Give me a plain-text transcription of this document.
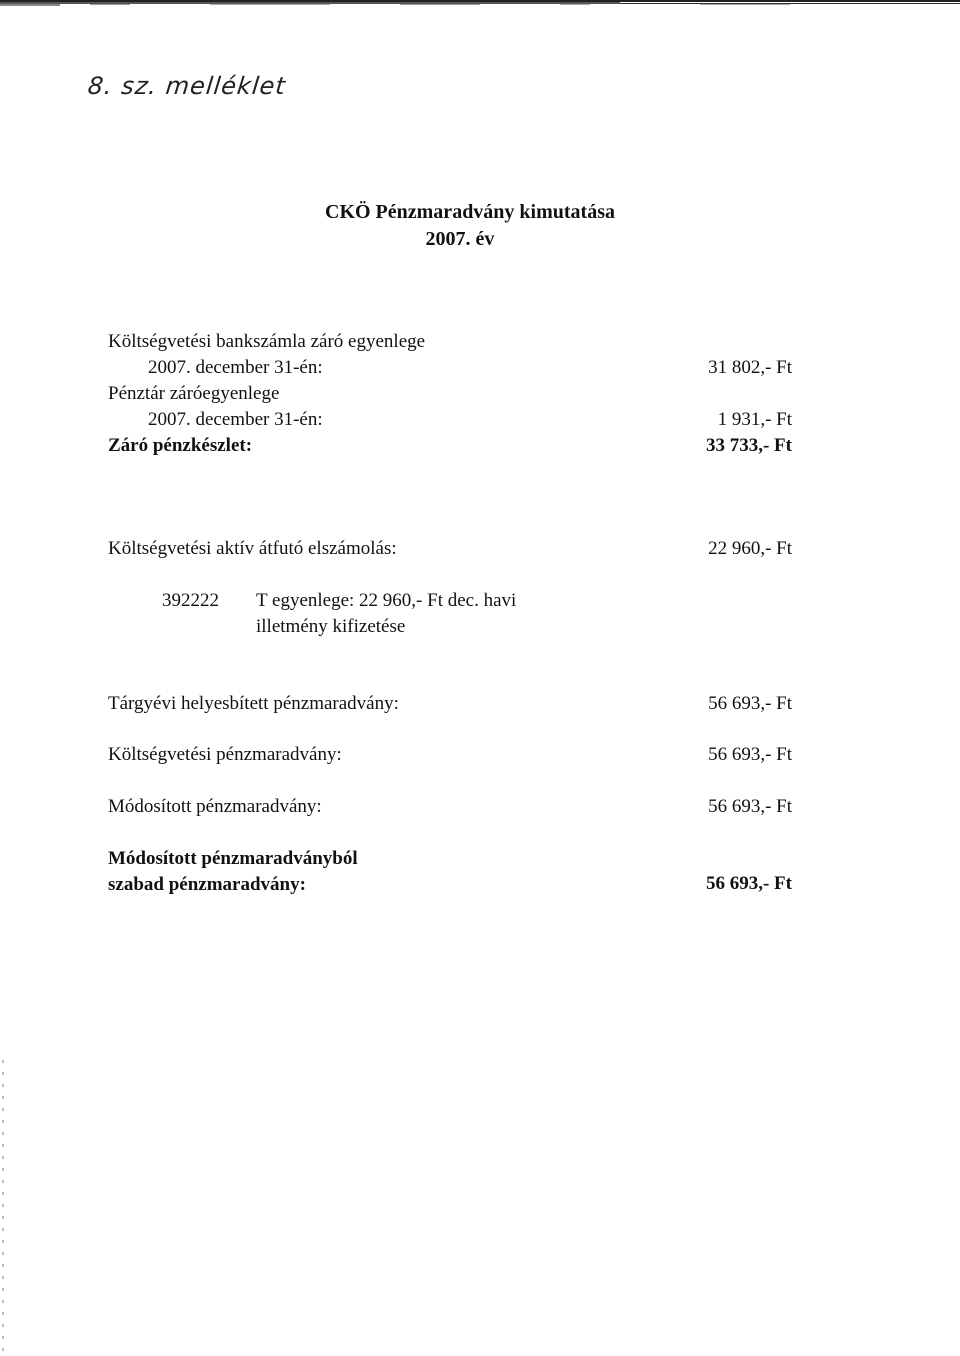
8. sz. melléklet
CKÖ Pénzmaradvány kimutatása
2007. év
Költségvetési bankszámla záró egyenlege
2007. december 31-én:	31 802,- Ft
Pénztár záróegyenlege
2007. december 31-én:	1 931,- Ft
Záró pénzkészlet:	33 733,- Ft
Költségvetési aktív átfutó elszámolás:	22 960,- Ft
392222 T egyenlege: 22 960,- Ft dec. havi
illetmény kifizetése
Tárgyévi helyesbített pénzmaradvány:	56 693,- Ft
Költségvetési pénzmaradvány:	56 693,- Ft
Módosított pénzmaradvány:	56 693,- Ft
Módosított pénzmaradványból
szabad pénzmaradvány:	56 693,- Ft
